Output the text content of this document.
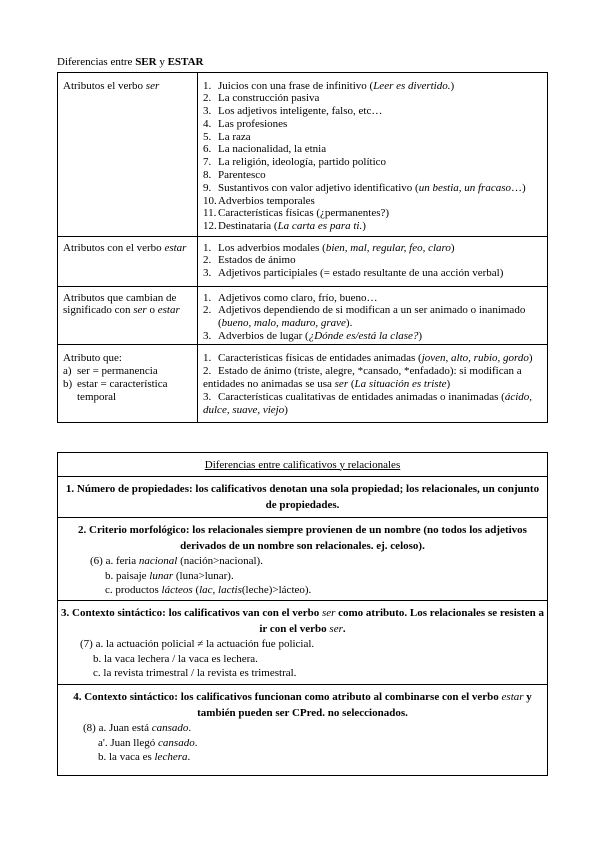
Diferencias entre SER y ESTAR
Atributos el verbo ser	1. Juicios con una frase de infinitivo (Leer es divertido.)
2. La construcción pasiva
3. Los adjetivos inteligente, falso, etc…
4. Las profesiones
5. La raza
6. La nacionalidad, la etnia
7. La religión, ideología, partido político
8. Parentesco
9. Sustantivos con valor adjetivo identificativo (un bestia, un fracaso…)
10. Adverbios temporales
11. Características físicas (¿permanentes?)
12. Destinataria (La carta es para ti.)
Atributos con el verbo estar	1. Los adverbios modales (bien, mal, regular, feo, claro)
2. Estados de ánimo
3. Adjetivos participiales (= estado resultante de una acción verbal)
Atributos que cambian de significado con ser o estar
1. Adjetivos como claro, frío, bueno…
2. Adjetivos dependiendo de si modifican a un ser animado o inanimado (bueno, malo, maduro, grave).
3. Adverbios de lugar (¿Dónde es/está la clase?)
Atributo que:
a) ser = permanencia
b) estar = característica temporal
1. Características físicas de entidades animadas (joven, alto, rubio, gordo)
2. Estado de ánimo (triste, alegre, *cansado, *enfadado): si modifican a entidades no animadas se usa ser (La situación es triste)
3. Características cualitativas de entidades animadas o inanimadas (ácido, dulce, suave, viejo)
Diferencias entre calificativos y relacionales
1. Número de propiedades: los calificativos denotan una sola propiedad; los relacionales, un conjunto de propiedades.
2. Criterio morfológico: los relacionales siempre provienen de un nombre (no todos los adjetivos derivados de un nombre son relacionales. ej. celoso).
(6) a. feria nacional (nación>nacional).
b. paisaje lunar (luna>lunar).
c. productos lácteos (lac, lactis(leche)>lácteo).
3. Contexto sintáctico: los calificativos van con el verbo ser como atributo. Los relacionales se resisten a ir con el verbo ser.
(7) a. la actuación policial ≠ la actuación fue policial.
b. la vaca lechera / la vaca es lechera.
c. la revista trimestral / la revista es trimestral.
4. Contexto sintáctico: los calificativos funcionan como atributo al combinarse con el verbo estar y también pueden ser CPred. no seleccionados.
(8) a. Juan está cansado.
a'. Juan llegó cansado.
b. la vaca es lechera.
